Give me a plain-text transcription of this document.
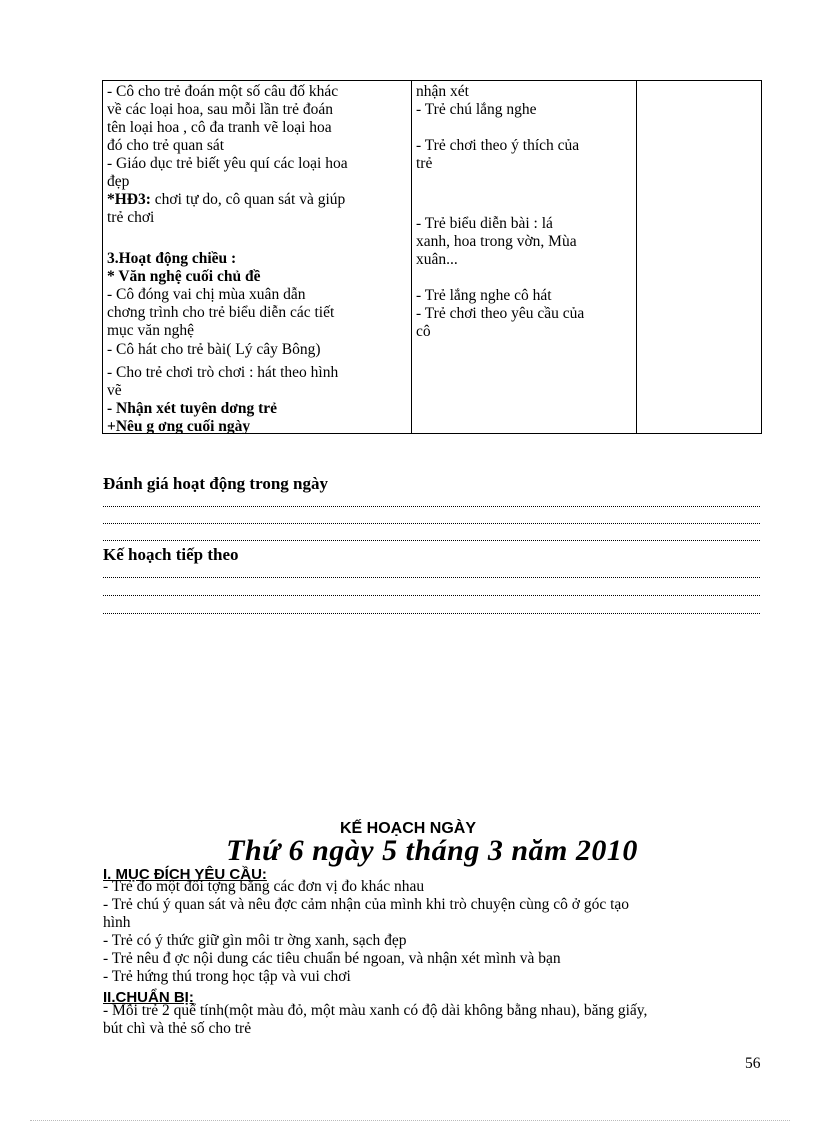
- Cô cho trẻ đoán một số câu đố khác
về các loại hoa, sau mỗi lần trẻ đoán
tên loại hoa , cô đa tranh vẽ loại hoa
đó cho trẻ quan sát
- Giáo dục trẻ biết yêu quí các loại hoa
đẹp
*HĐ3: chơi tự do, cô quan sát và giúp
trẻ chơi
3.Hoạt động chiều :
* Văn nghệ cuối chủ đề
- Cô đóng vai chị mùa xuân dẫn
chơng trình cho trẻ biểu diễn các tiết
mục văn nghệ
- Cô hát cho trẻ bài( Lý cây Bông)
- Cho trẻ chơi trò chơi : hát theo hình
vẽ
- Nhận xét tuyên dơng trẻ
+Nêu g ơng cuối ngày
nhận xét
- Trẻ chú lắng nghe
- Trẻ chơi theo ý thích của
trẻ
- Trẻ biểu diễn bài : lá
xanh, hoa trong vờn, Mùa
xuân...
- Trẻ lắng nghe cô hát
- Trẻ chơi theo yêu cầu của
cô
Đánh giá hoạt động trong ngày
Kế hoạch tiếp theo
KẾ HOẠCH NGÀY
Thứ 6 ngày 5 tháng 3 năm 2010
I. MỤC ĐÍCH YÊU CẦU:
- Trẻ đo một đối tợng bằng các đơn vị đo khác nhau
- Trẻ chú ý quan sát và nêu đợc cảm nhận của mình khi trò chuyện cùng cô ở góc tạo
hình
- Trẻ có ý thức giữ gìn môi tr ờng xanh, sạch đẹp
- Trẻ nêu đ ợc nội dung các tiêu chuẩn bé ngoan, và nhận xét mình và bạn
- Trẻ hứng thú trong học tập và vui chơi
II.CHUẨN BỊ:
- Mỗi trẻ 2 quể tính(một màu đỏ, một màu xanh có độ dài không bằng nhau), băng giấy,
bút chì và thẻ số cho trẻ
56
